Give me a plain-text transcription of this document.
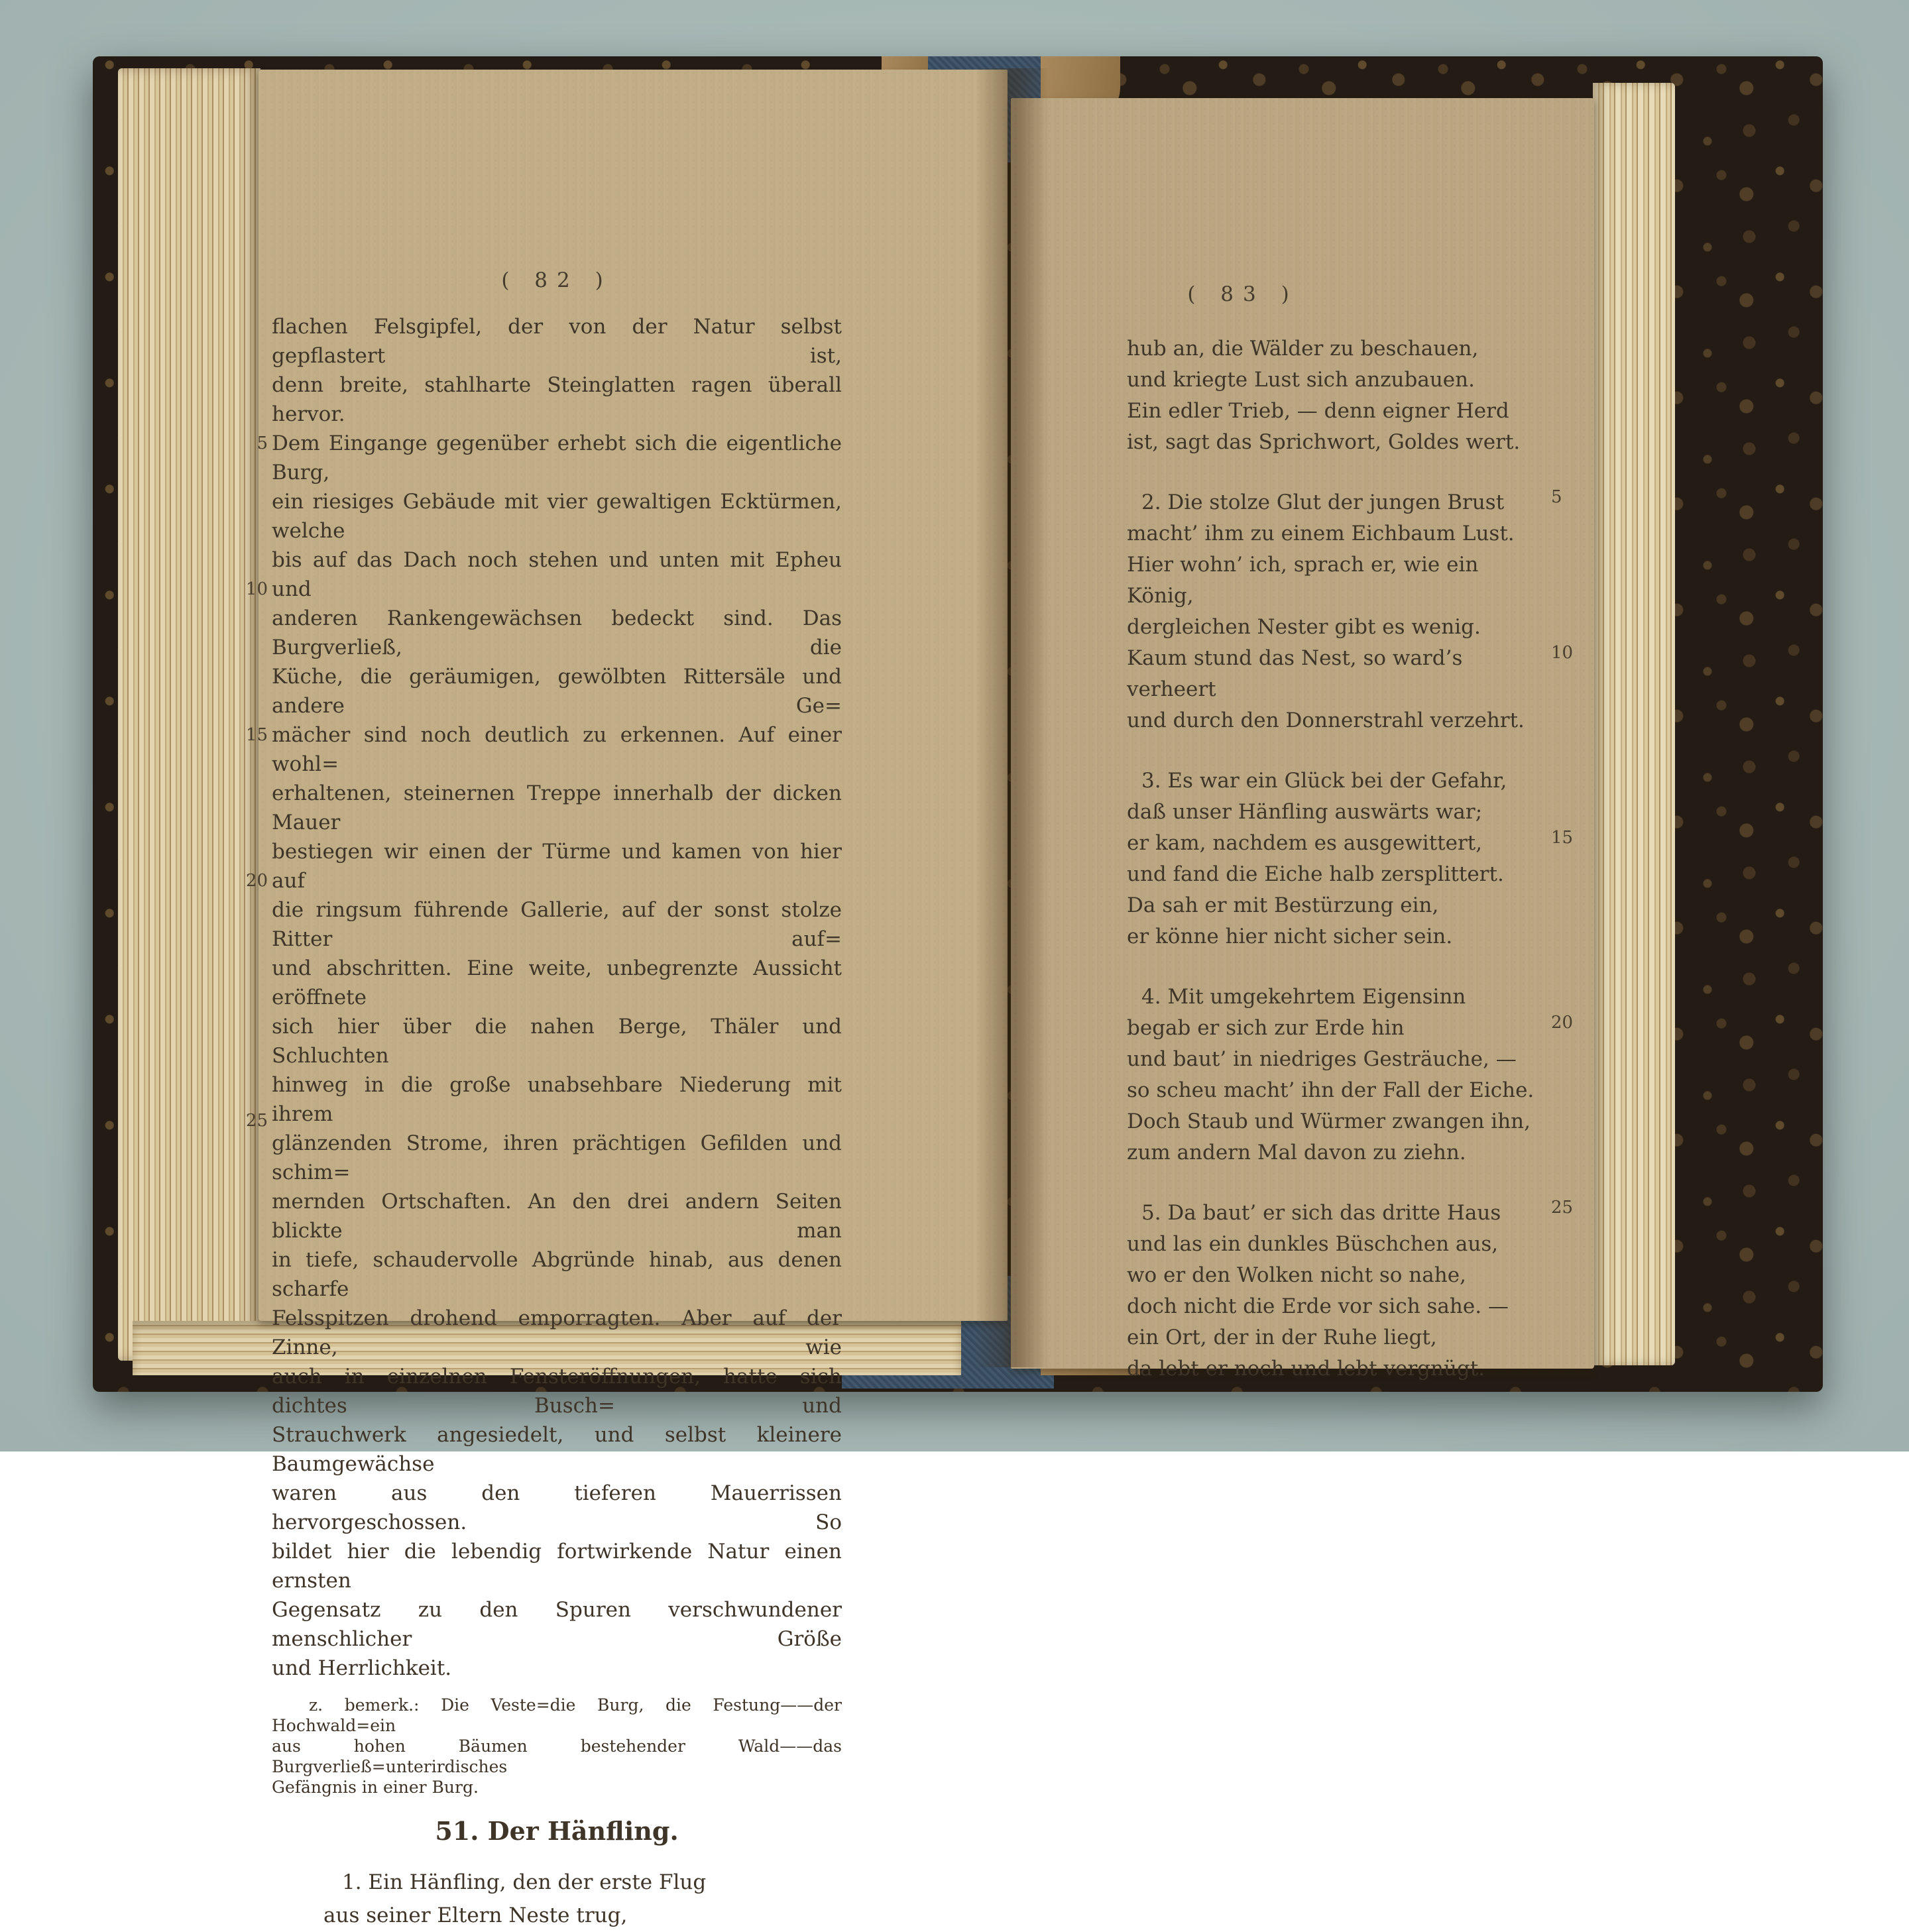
( 82 )
5
10
15
20
25
flachen Felsgipfel, der von der Natur selbst gepflastert ist,
denn breite, stahlharte Steinglatten ragen überall hervor.
Dem Eingange gegenüber erhebt sich die eigentliche Burg,
ein riesiges Gebäude mit vier gewaltigen Ecktürmen, welche
bis auf das Dach noch stehen und unten mit Epheu und
anderen Rankengewächsen bedeckt sind. Das Burgverließ, die
Küche, die geräumigen, gewölbten Rittersäle und andere Ge=
mächer sind noch deutlich zu erkennen. Auf einer wohl=
erhaltenen, steinernen Treppe innerhalb der dicken Mauer
bestiegen wir einen der Türme und kamen von hier auf
die ringsum führende Gallerie, auf der sonst stolze Ritter auf=
und abschritten. Eine weite, unbegrenzte Aussicht eröffnete
sich hier über die nahen Berge, Thäler und Schluchten
hinweg in die große unabsehbare Niederung mit ihrem
glänzenden Strome, ihren prächtigen Gefilden und schim=
mernden Ortschaften. An den drei andern Seiten blickte man
in tiefe, schaudervolle Abgründe hinab, aus denen scharfe
Felsspitzen drohend emporragten. Aber auf der Zinne, wie
auch in einzelnen Fensteröffnungen, hatte sich dichtes Busch= und
Strauchwerk angesiedelt, und selbst kleinere Baumgewächse
waren aus den tieferen Mauerrissen hervorgeschossen. So
bildet hier die lebendig fortwirkende Natur einen ernsten
Gegensatz zu den Spuren verschwundener menschlicher Größe
und Herrlichkeit.
z. bemerk.: Die Veste=die Burg, die Festung——der Hochwald=ein
aus hohen Bäumen bestehender Wald——das Burgverließ=unterirdisches
Gefängnis in einer Burg.
51. Der Hänfling.
1. Ein Hänfling, den der erste Flug
aus seiner Eltern Neste trug,
( 83 )
5
10
15
20
25
hub an, die Wälder zu beschauen,
und kriegte Lust sich anzubauen.
Ein edler Trieb, — denn eigner Herd
ist, sagt das Sprichwort, Goldes wert.
2. Die stolze Glut der jungen Brust
macht’ ihm zu einem Eichbaum Lust.
Hier wohn’ ich, sprach er, wie ein König,
dergleichen Nester gibt es wenig.
Kaum stund das Nest, so ward’s verheert
und durch den Donnerstrahl verzehrt.
3. Es war ein Glück bei der Gefahr,
daß unser Hänfling auswärts war;
er kam, nachdem es ausgewittert,
und fand die Eiche halb zersplittert.
Da sah er mit Bestürzung ein,
er könne hier nicht sicher sein.
4. Mit umgekehrtem Eigensinn
begab er sich zur Erde hin
und baut’ in niedriges Gesträuche, —
so scheu macht’ ihn der Fall der Eiche.
Doch Staub und Würmer zwangen ihn,
zum andern Mal davon zu ziehn.
5. Da baut’ er sich das dritte Haus
und las ein dunkles Büschchen aus,
wo er den Wolken nicht so nahe,
doch nicht die Erde vor sich sahe. —
ein Ort, der in der Ruhe liegt,
da lebt er noch und lebt vergnügt.
